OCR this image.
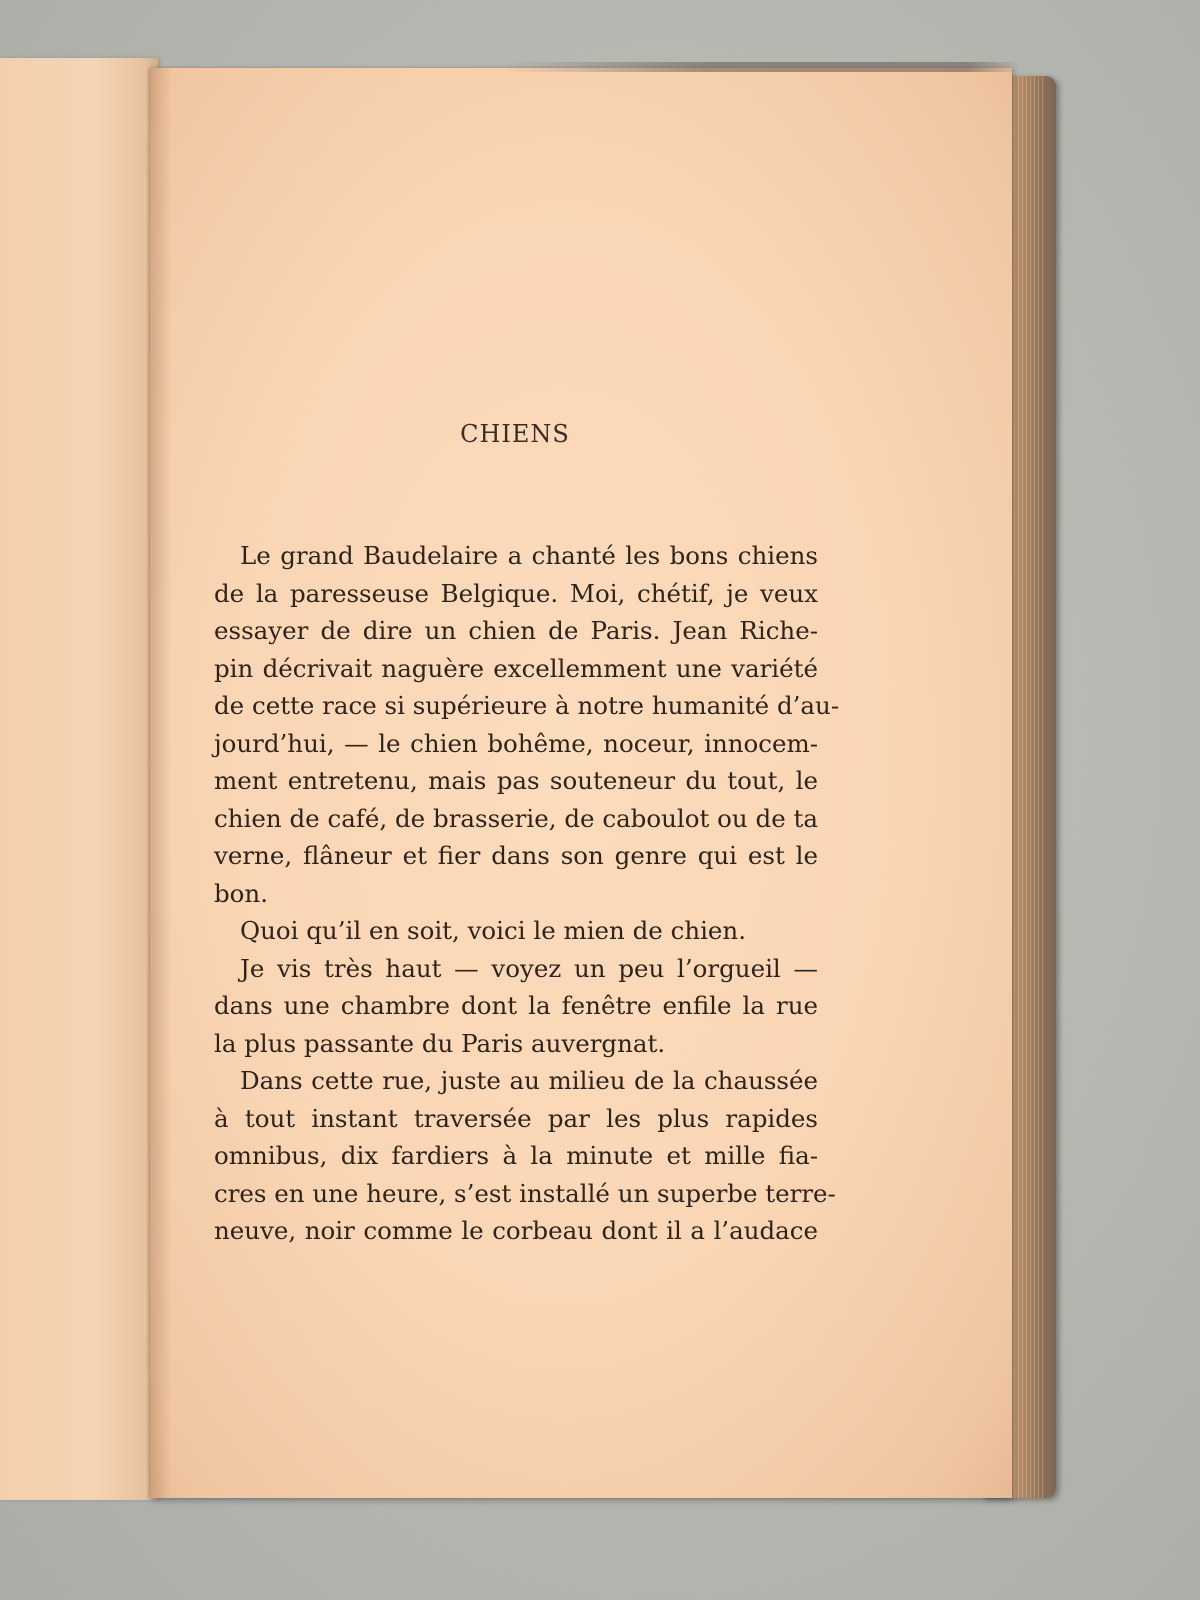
CHIENS
Le grand Baudelaire a chanté les bons chiens
de la paresseuse Belgique. Moi, chétif, je veux
essayer de dire un chien de Paris. Jean Riche-
pin décrivait naguère excellemment une variété
de cette race si supérieure à notre humanité d’au-
jourd’hui, — le chien bohême, noceur, innocem-
ment entretenu, mais pas souteneur du tout, le
chien de café, de brasserie, de caboulot ou de ta
verne, flâneur et fier dans son genre qui est le
bon.
Quoi qu’il en soit, voici le mien de chien.
Je vis très haut — voyez un peu l’orgueil —
dans une chambre dont la fenêtre enfile la rue
la plus passante du Paris auvergnat.
Dans cette rue, juste au milieu de la chaussée
à tout instant traversée par les plus rapides
omnibus, dix fardiers à la minute et mille fia-
cres en une heure, s’est installé un superbe terre-
neuve, noir comme le corbeau dont il a l’audace
